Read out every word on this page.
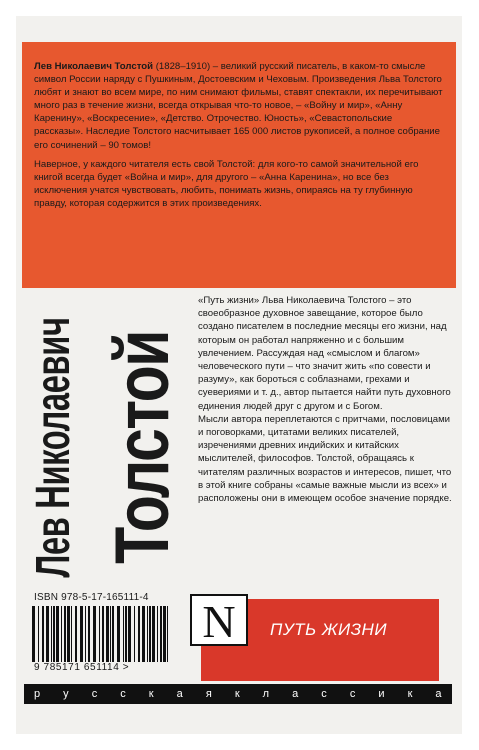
Лев Николаевич Толстой (1828–1910) – великий русский писатель, в каком-то смысле символ России наряду с Пушкиным, Достоевским и Чеховым. Произведения Льва Толстого любят и знают во всем мире, по ним снимают фильмы, ставят спектакли, их перечитывают много раз в течение жизни, всегда открывая что-то новое, – «Войну и мир», «Анну Каренину», «Воскресение», «Детство. Отрочество. Юность», «Севастопольские рассказы». Наследие Толстого насчитывает 165 000 листов рукописей, а полное собрание его сочинений – 90 томов!

Наверное, у каждого читателя есть свой Толстой: для кого-то самой значительной его книгой всегда будет «Война и мир», для другого – «Анна Каренина», но все без исключения учатся чувствовать, любить, понимать жизнь, опираясь на ту глубинную правду, которая содержится в этих произведениях.

Лев Николаевич Толстой

«Путь жизни» Льва Николаевича Толстого – это своеобразное духовное завещание, которое было создано писателем в последние месяцы его жизни, над которым он работал напряженно и с большим увлечением. Рассуждая над «смыслом и благом» человеческого пути – что значит жить «по совести и разуму», как бороться с соблазнами, грехами и суевериями и т. д., автор пытается найти путь духовного единения людей друг с другом и с Богом.

Мысли автора переплетаются с притчами, пословицами и поговорками, цитатами великих писателей, изречениями древних индийских и китайских мыслителей, философов. Толстой, обращаясь к читателям различных возрастов и интересов, пишет, что в этой книге собраны «самые важные мысли из всех» и расположены они в имеющем особое значение порядке.

ISBN 978-5-17-165111-4
9 785171 651114 >
N ПУТЬ ЖИЗНИ
р у с с к а я к л а с с и к а
